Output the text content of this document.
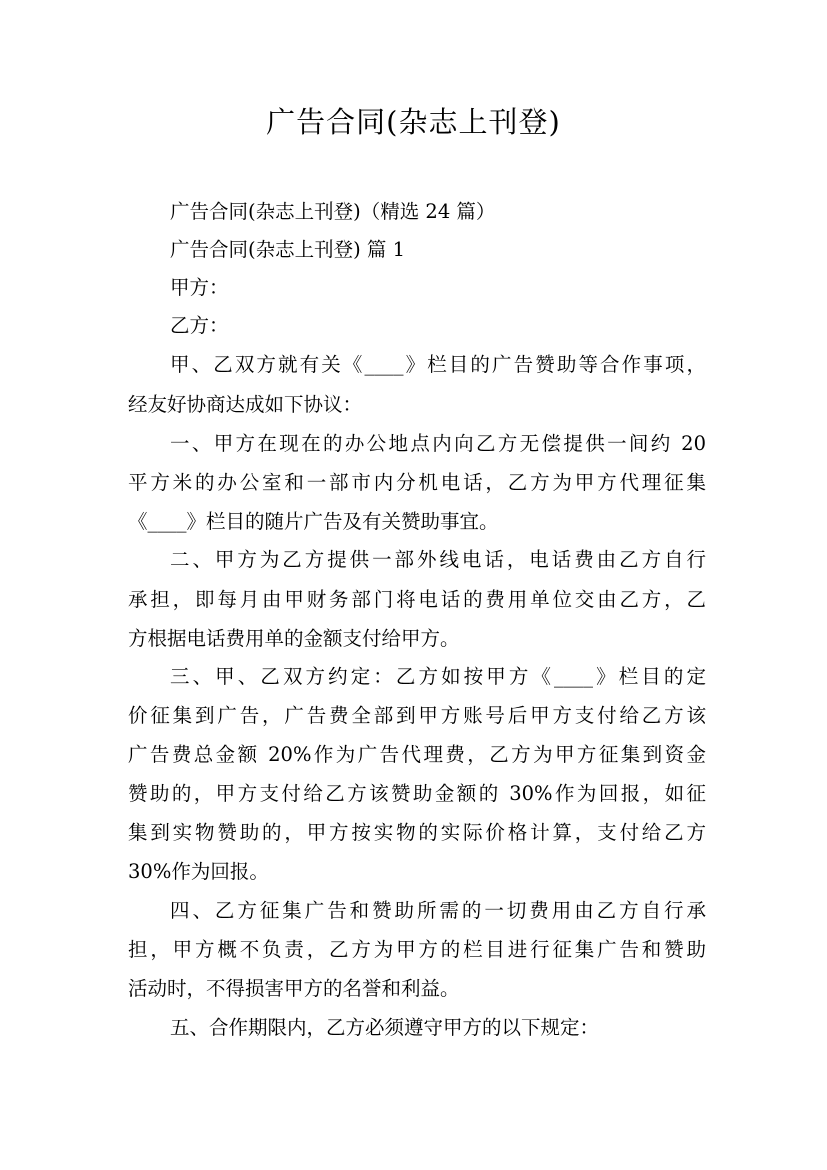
广告合同(杂志上刊登)
广告合同(杂志上刊登)（精选 24 篇）
广告合同(杂志上刊登) 篇 1
甲方：
乙方：
甲、乙双方就有关《____》栏目的广告赞助等合作事项，
经友好协商达成如下协议：
一、甲方在现在的办公地点内向乙方无偿提供一间约 20
平方米的办公室和一部市内分机电话，乙方为甲方代理征集
《____》栏目的随片广告及有关赞助事宜。
二、甲方为乙方提供一部外线电话，电话费由乙方自行
承担，即每月由甲财务部门将电话的费用单位交由乙方，乙
方根据电话费用单的金额支付给甲方。
三、甲、乙双方约定：乙方如按甲方《____》栏目的定
价征集到广告，广告费全部到甲方账号后甲方支付给乙方该
广告费总金额 20%作为广告代理费，乙方为甲方征集到资金
赞助的，甲方支付给乙方该赞助金额的 30%作为回报，如征
集到实物赞助的，甲方按实物的实际价格计算，支付给乙方
30%作为回报。
四、乙方征集广告和赞助所需的一切费用由乙方自行承
担，甲方概不负责，乙方为甲方的栏目进行征集广告和赞助
活动时，不得损害甲方的名誉和利益。
五、合作期限内，乙方必须遵守甲方的以下规定：
